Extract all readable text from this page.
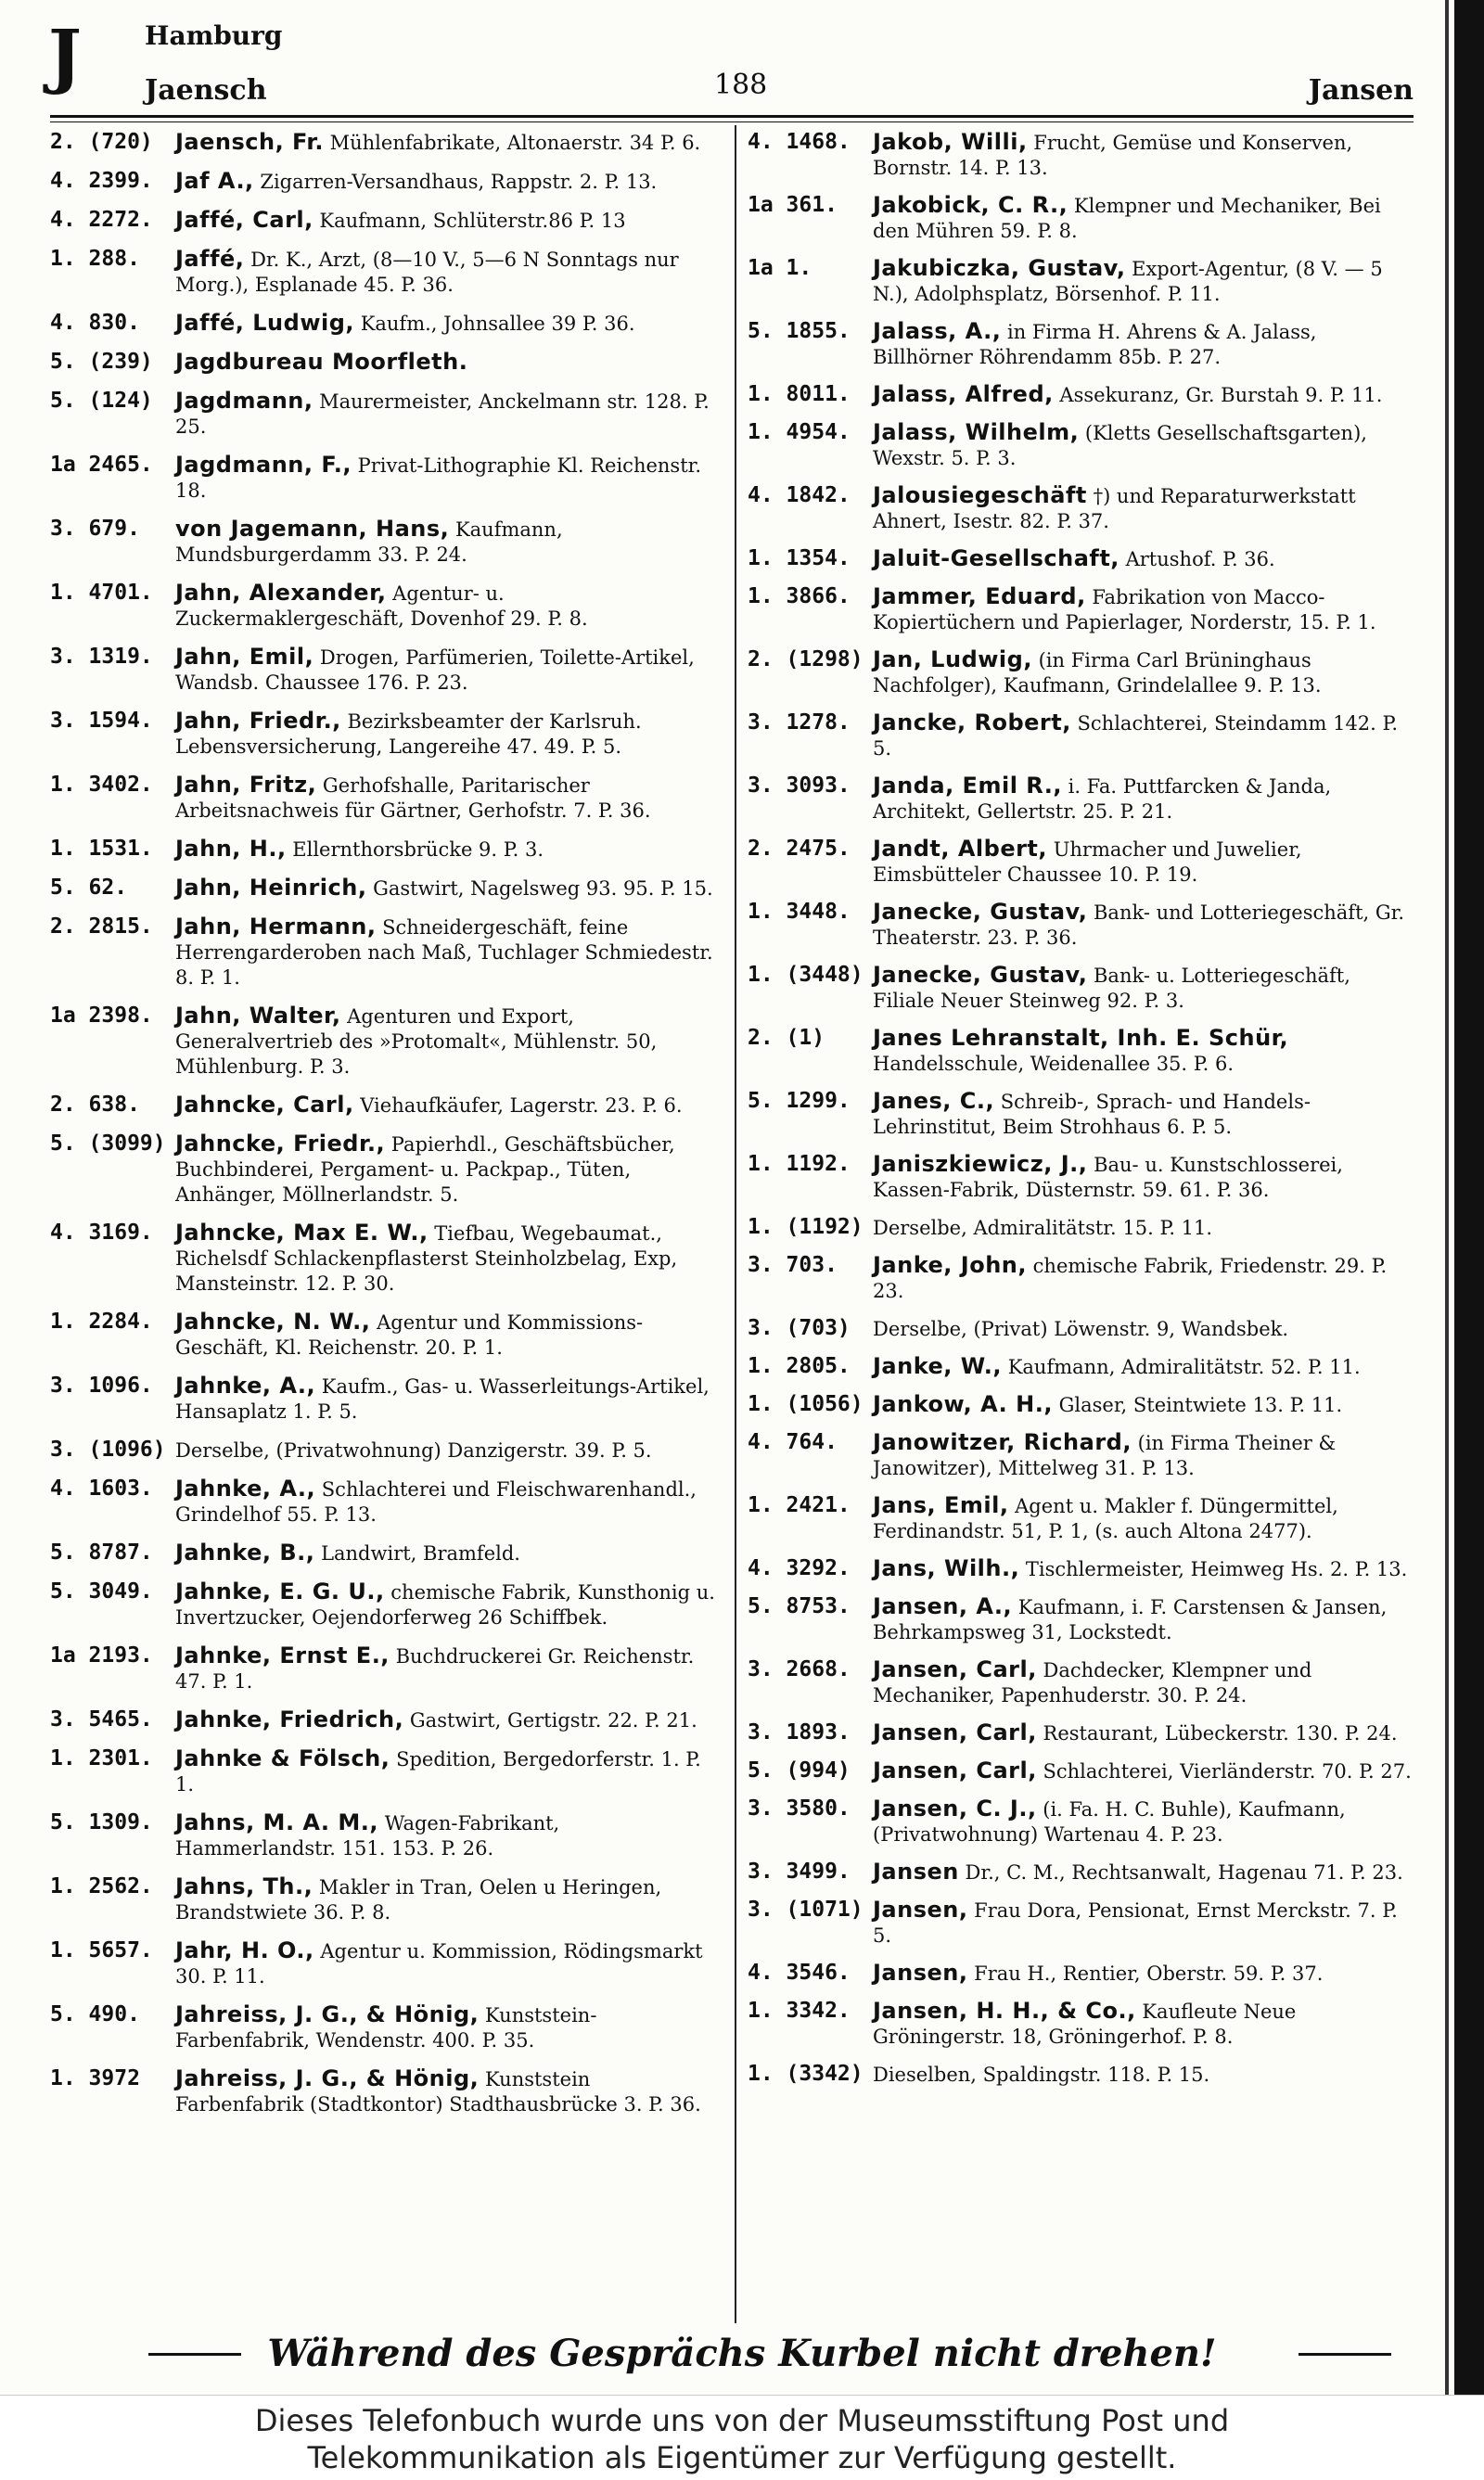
J Hamburg
Jaensch	188	Jansen
2. (720)	Jaensch, Fr. Mühlenfabrikate, Altonaerstr. 34 P. 6.
4. 2399.	Jaf A., Zigarren-Versandhaus, Rappstr. 2. P. 13.
4. 2272.	Jaffé, Carl, Kaufmann, Schlüterstr.86 P. 13
1. 288.	Jaffé, Dr. K., Arzt, (8—10 V., 5—6 N Sonntags nur Morg.), Esplanade 45. P. 36.
4. 830.	Jaffé, Ludwig, Kaufm., Johnsallee 39 P. 36.
5. (239)	Jagdbureau Moorfleth.
5. (124)	Jagdmann, Maurermeister, Anckelmann str. 128. P. 25.
1a 2465.	Jagdmann, F., Privat-Lithographie Kl. Reichenstr. 18.
3. 679.	von Jagemann, Hans, Kaufmann, Mundsburgerdamm 33. P. 24.
1. 4701.	Jahn, Alexander, Agentur- u. Zuckermaklergeschäft, Dovenhof 29. P. 8.
3. 1319.	Jahn, Emil, Drogen, Parfümerien, Toilette-Artikel, Wandsb. Chaussee 176. P. 23.
3. 1594.	Jahn, Friedr., Bezirksbeamter der Karlsruh. Lebensversicherung, Langereihe 47. 49. P. 5.
1. 3402.	Jahn, Fritz, Gerhofshalle, Paritarischer Arbeitsnachweis für Gärtner, Gerhofstr. 7. P. 36.
1. 1531.	Jahn, H., Ellernthorsbrücke 9. P. 3.
5. 62.	Jahn, Heinrich, Gastwirt, Nagelsweg 93. 95. P. 15.
2. 2815.	Jahn, Hermann, Schneidergeschäft, feine Herrengarderoben nach Maß, Tuchlager Schmiedestr. 8. P. 1.
1a 2398.	Jahn, Walter, Agenturen und Export, Generalvertrieb des »Protomalt«, Mühlenstr. 50, Mühlenburg. P. 3.
2. 638.	Jahncke, Carl, Viehaufkäufer, Lagerstr. 23. P. 6.
5. (3099) Jahncke, Friedr., Papierhdl., Geschäftsbücher, Buchbinderei, Pergament- u. Packpap., Tüten, Anhänger, Möllnerlandstr. 5.
4. 3169.	Jahncke, Max E. W., Tiefbau, Wegebaumat., Richelsdf Schlackenpflasterst Steinholzbelag, Exp, Mansteinstr. 12. P. 30.
1. 2284.	Jahncke, N. W., Agentur und Kommissions-Geschäft, Kl. Reichenstr. 20. P. 1.
3. 1096.	Jahnke, A., Kaufm., Gas- u. Wasserleitungs-Artikel, Hansaplatz 1. P. 5.
3. (1096) Derselbe, (Privatwohnung) Danzigerstr. 39. P. 5.
4. 1603.	Jahnke, A., Schlachterei und Fleischwarenhandl., Grindelhof 55. P. 13.
5. 8787.	Jahnke, B., Landwirt, Bramfeld.
5. 3049.	Jahnke, E. G. U., chemische Fabrik, Kunsthonig u. Invertzucker, Oejendorferweg 26 Schiffbek.
1a 2193.	Jahnke, Ernst E., Buchdruckerei Gr. Reichenstr. 47. P. 1.
3. 5465.	Jahnke, Friedrich, Gastwirt, Gertigstr. 22. P. 21.
1. 2301.	Jahnke & Fölsch, Spedition, Bergedorferstr. 1. P. 1.
5. 1309.	Jahns, M. A. M., Wagen-Fabrikant, Hammerlandstr. 151. 153. P. 26.
1. 2562.	Jahns, Th., Makler in Tran, Oelen u Heringen, Brandstwiete 36. P. 8.
1. 5657.	Jahr, H. O., Agentur u. Kommission, Rödingsmarkt 30. P. 11.
5. 490.	Jahreiss, J. G., & Hönig, Kunststein-Farbenfabrik, Wendenstr. 400. P. 35.
1. 3972	Jahreiss, J. G., & Hönig, Kunststein Farbenfabrik (Stadtkontor) Stadthausbrücke 3. P. 36.
4. 1468.	Jakob, Willi, Frucht, Gemüse und Konserven, Bornstr. 14. P. 13.
1a 361.	Jakobick, C. R., Klempner und Mechaniker, Bei den Mühren 59. P. 8.
1a 1.	Jakubiczka, Gustav, Export-Agentur, (8 V. — 5 N.), Adolphsplatz, Börsenhof. P. 11.
5. 1855.	Jalass, A., in Firma H. Ahrens & A. Jalass, Billhörner Röhrendamm 85b. P. 27.
1. 8011.	Jalass, Alfred, Assekuranz, Gr. Burstah 9. P. 11.
1. 4954.	Jalass, Wilhelm, (Kletts Gesellschaftsgarten), Wexstr. 5. P. 3.
4. 1842.	Jalousiegeschäft †) und Reparaturwerkstatt Ahnert, Isestr. 82. P. 37.
1. 1354.	Jaluit-Gesellschaft, Artushof. P. 36.
1. 3866.	Jammer, Eduard, Fabrikation von Macco-Kopiertüchern und Papierlager, Norderstr, 15. P. 1.
2. (1298) Jan, Ludwig, (in Firma Carl Brüninghaus Nachfolger), Kaufmann, Grindelallee 9. P. 13.
3. 1278.	Jancke, Robert, Schlachterei, Steindamm 142. P. 5.
3. 3093.	Janda, Emil R., i. Fa. Puttfarcken & Janda, Architekt, Gellertstr. 25. P. 21.
2. 2475.	Jandt, Albert, Uhrmacher und Juwelier, Eimsbütteler Chaussee 10. P. 19.
1. 3448.	Janecke, Gustav, Bank- und Lotteriegeschäft, Gr. Theaterstr. 23. P. 36.
1. (3448) Janecke, Gustav, Bank- u. Lotteriegeschäft, Filiale Neuer Steinweg 92. P. 3.
2. (1)	Janes Lehranstalt, Inh. E. Schür, Handelsschule, Weidenallee 35. P. 6.
5. 1299.	Janes, C., Schreib-, Sprach- und Handels-Lehrinstitut, Beim Strohhaus 6. P. 5.
1. 1192.	Janiszkiewicz, J., Bau- u. Kunstschlosserei, Kassen-Fabrik, Düsternstr. 59. 61. P. 36.
1. (1192) Derselbe, Admiralitätstr. 15. P. 11.
3. 703.	Janke, John, chemische Fabrik, Friedenstr. 29. P. 23.
3. (703)	Derselbe, (Privat) Löwenstr. 9, Wandsbek.
1. 2805.	Janke, W., Kaufmann, Admiralitätstr. 52. P. 11.
1. (1056) Jankow, A. H., Glaser, Steintwiete 13. P. 11.
4. 764.	Janowitzer, Richard, (in Firma Theiner & Janowitzer), Mittelweg 31. P. 13.
1. 2421.	Jans, Emil, Agent u. Makler f. Düngermittel, Ferdinandstr. 51, P. 1, (s. auch Altona 2477).
4. 3292.	Jans, Wilh., Tischlermeister, Heimweg Hs. 2. P. 13.
5. 8753.	Jansen, A., Kaufmann, i. F. Carstensen & Jansen, Behrkampsweg 31, Lockstedt.
3. 2668.	Jansen, Carl, Dachdecker, Klempner und Mechaniker, Papenhuderstr. 30. P. 24.
3. 1893.	Jansen, Carl, Restaurant, Lübeckerstr. 130. P. 24.
5. (994)	Jansen, Carl, Schlachterei, Vierländerstr. 70. P. 27.
3. 3580.	Jansen, C. J., (i. Fa. H. C. Buhle), Kaufmann, (Privatwohnung) Wartenau 4. P. 23.
3. 3499.	Jansen Dr., C. M., Rechtsanwalt, Hagenau 71. P. 23.
3. (1071) Jansen, Frau Dora, Pensionat, Ernst Merckstr. 7. P. 5.
4. 3546.	Jansen, Frau H., Rentier, Oberstr. 59. P. 37.
1. 3342.	Jansen, H. H., & Co., Kaufleute Neue Gröningerstr. 18, Gröningerhof. P. 8.
1. (3342) Dieselben, Spaldingstr. 118. P. 15.
Während des Gesprächs Kurbel nicht drehen!
Dieses Telefonbuch wurde uns von der Museumsstiftung Post und
Telekommunikation als Eigentümer zur Verfügung gestellt.
